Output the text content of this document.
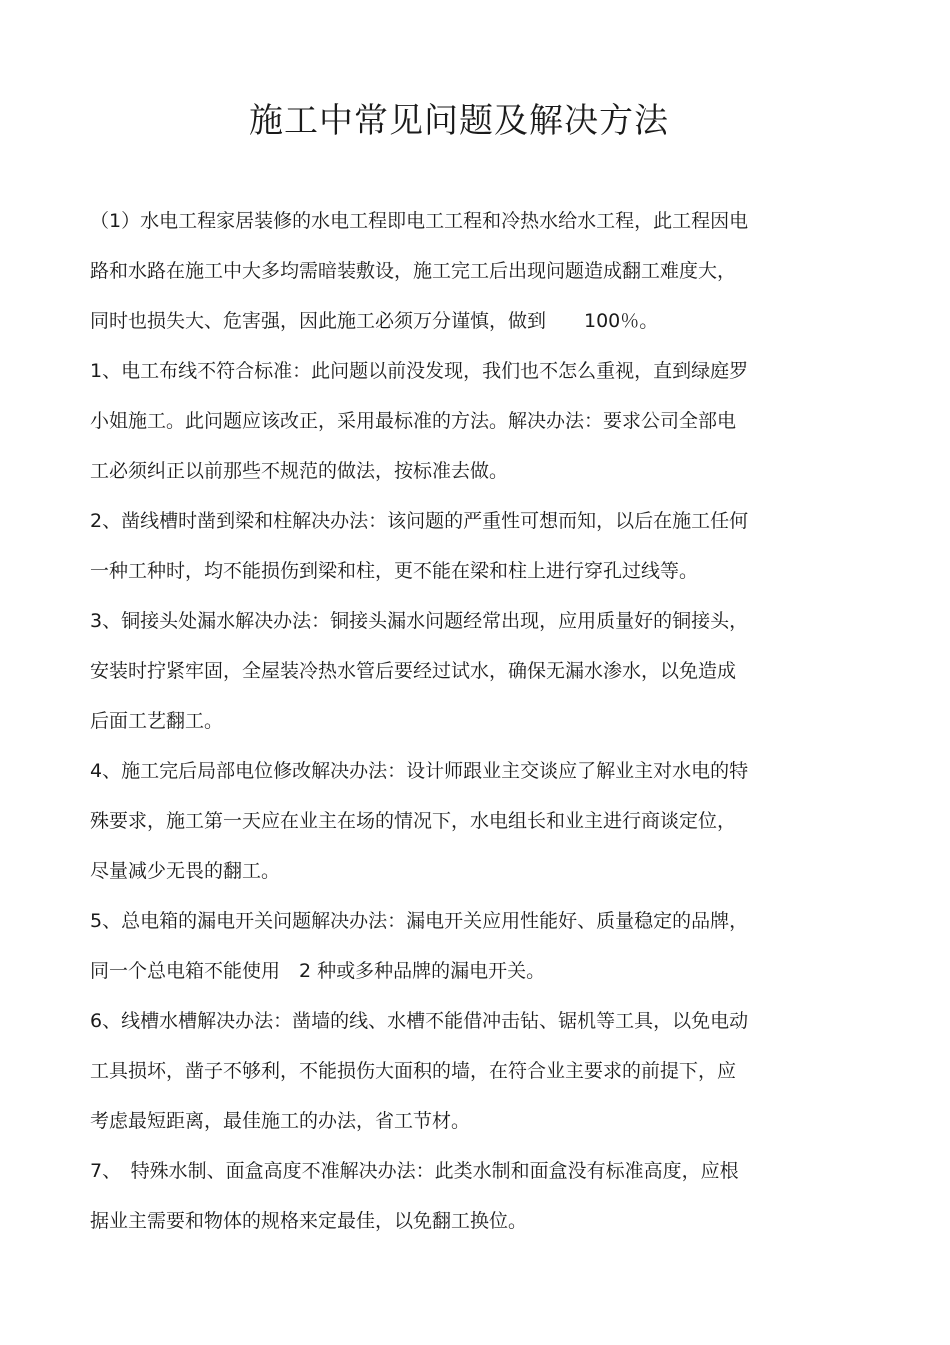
施工中常见问题及解决方法
（1）水电工程家居装修的水电工程即电工工程和冷热水给水工程，此工程因电
路和水路在施工中大多均需暗装敷设，施工完工后出现问题造成翻工难度大，
同时也损失大、危害强，因此施工必须万分谨慎，做到　　100％。
1、电工布线不符合标准：此问题以前没发现，我们也不怎么重视，直到绿庭罗
小姐施工。此问题应该改正，采用最标准的方法。解决办法：要求公司全部电
工必须纠正以前那些不规范的做法，按标准去做。
2、凿线槽时凿到梁和柱解决办法：该问题的严重性可想而知，以后在施工任何
一种工种时，均不能损伤到梁和柱，更不能在梁和柱上进行穿孔过线等。
3、铜接头处漏水解决办法：铜接头漏水问题经常出现，应用质量好的铜接头，
安装时拧紧牢固，全屋装冷热水管后要经过试水，确保无漏水渗水，以免造成
后面工艺翻工。
4、施工完后局部电位修改解决办法：设计师跟业主交谈应了解业主对水电的特
殊要求，施工第一天应在业主在场的情况下，水电组长和业主进行商谈定位，
尽量减少无畏的翻工。
5、总电箱的漏电开关问题解决办法：漏电开关应用性能好、质量稳定的品牌，
同一个总电箱不能使用　2 种或多种品牌的漏电开关。
6、线槽水槽解决办法：凿墙的线、水槽不能借冲击钻、锯机等工具，以免电动
工具损坏，凿子不够利，不能损伤大面积的墙，在符合业主要求的前提下，应
考虑最短距离，最佳施工的办法，省工节材。
7、　特殊水制、面盒高度不准解决办法：此类水制和面盒没有标准高度，应根
据业主需要和物体的规格来定最佳，以免翻工换位。
